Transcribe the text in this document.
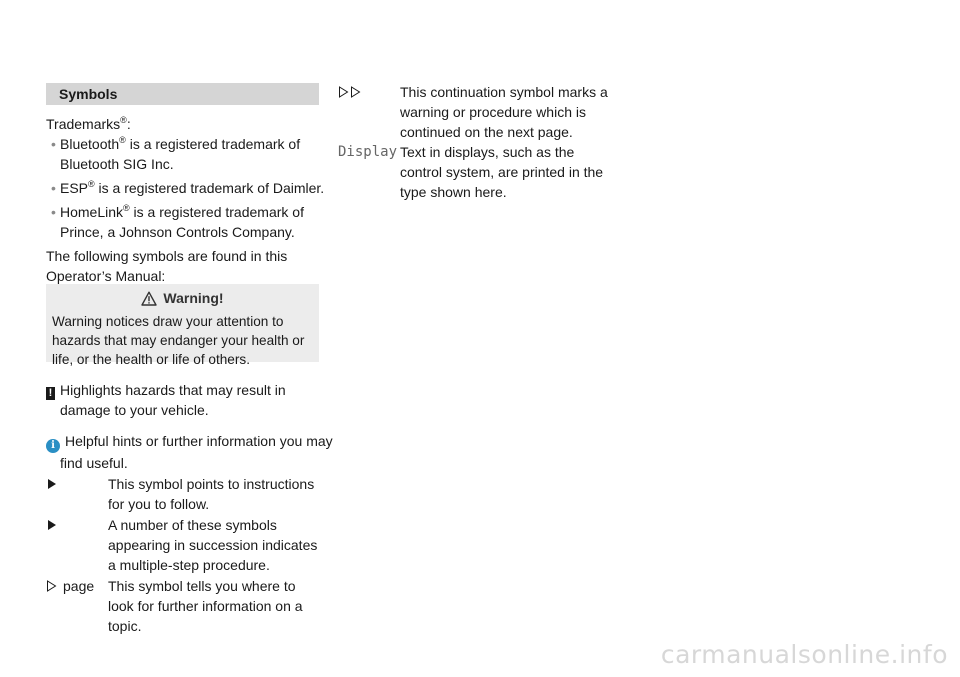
Symbols
Trademarks®:
• Bluetooth® is a registered trademark of Bluetooth SIG Inc.
• ESP® is a registered trademark of Daimler.
• HomeLink® is a registered trademark of Prince, a Johnson Controls Company.
The following symbols are found in this Operator’s Manual:
Warning!
Warning notices draw your attention to hazards that may endanger your health or life, or the health or life of others.
! Highlights hazards that may result in damage to your vehicle.
i Helpful hints or further information you may find useful.
This symbol points to instructions for you to follow.
A number of these symbols appearing in succession indicates a multiple-step procedure.
page This symbol tells you where to look for further information on a topic.
This continuation symbol marks a warning or procedure which is continued on the next page.
Display Text in displays, such as the control system, are printed in the type shown here.
carmanualsonline.info
